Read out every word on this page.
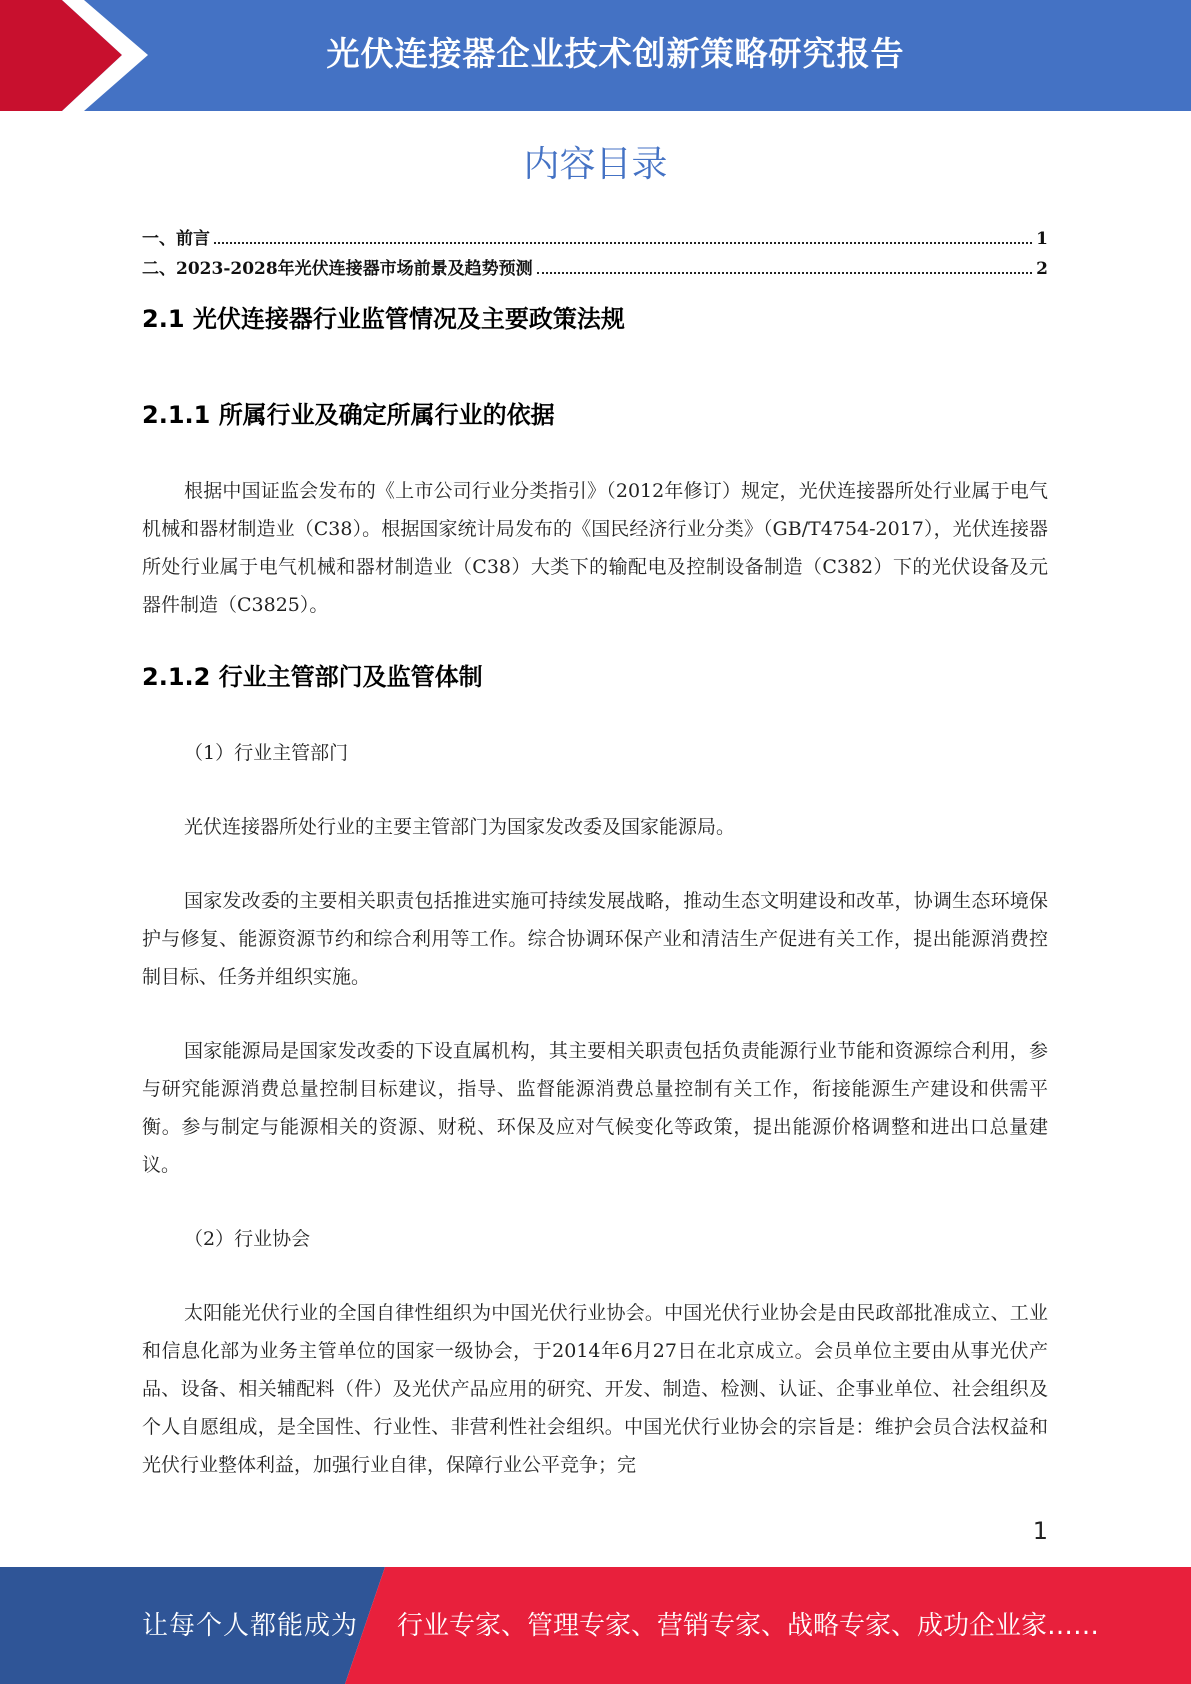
光伏连接器企业技术创新策略研究报告
内容目录
一、前言	1
二、2023-2028年光伏连接器市场前景及趋势预测	2
2.1 光伏连接器行业监管情况及主要政策法规
2.1.1 所属行业及确定所属行业的依据

根据中国证监会发布的《上市公司行业分类指引》（2012年修订）规定，光伏连接器所处行业属于电气机械和器材制造业（C38）。根据国家统计局发布的《国民经济行业分类》（GB/T4754-2017），光伏连接器所处行业属于电气机械和器材制造业（C38）大类下的输配电及控制设备制造（C382）下的光伏设备及元器件制造（C3825）。

2.1.2 行业主管部门及监管体制
（1）行业主管部门

光伏连接器所处行业的主要主管部门为国家发改委及国家能源局。

国家发改委的主要相关职责包括推进实施可持续发展战略，推动生态文明建设和改革，协调生态环境保护与修复、能源资源节约和综合利用等工作。综合协调环保产业和清洁生产促进有关工作，提出能源消费控制目标、任务并组织实施。

国家能源局是国家发改委的下设直属机构，其主要相关职责包括负责能源行业节能和资源综合利用，参与研究能源消费总量控制目标建议，指导、监督能源消费总量控制有关工作，衔接能源生产建设和供需平衡。参与制定与能源相关的资源、财税、环保及应对气候变化等政策，提出能源价格调整和进出口总量建议。

（2）行业协会

太阳能光伏行业的全国自律性组织为中国光伏行业协会。中国光伏行业协会是由民政部批准成立、工业和信息化部为业务主管单位的国家一级协会，于2014年6月27日在北京成立。会员单位主要由从事光伏产品、设备、相关辅配料（件）及光伏产品应用的研究、开发、制造、检测、认证、企事业单位、社会组织及个人自愿组成，是全国性、行业性、非营利性社会组织。中国光伏行业协会的宗旨是：维护会员合法权益和光伏行业整体利益，加强行业自律，保障行业公平竞争；完

1
让每个人都能成为 行业专家、管理专家、营销专家、战略专家、成功企业家……
